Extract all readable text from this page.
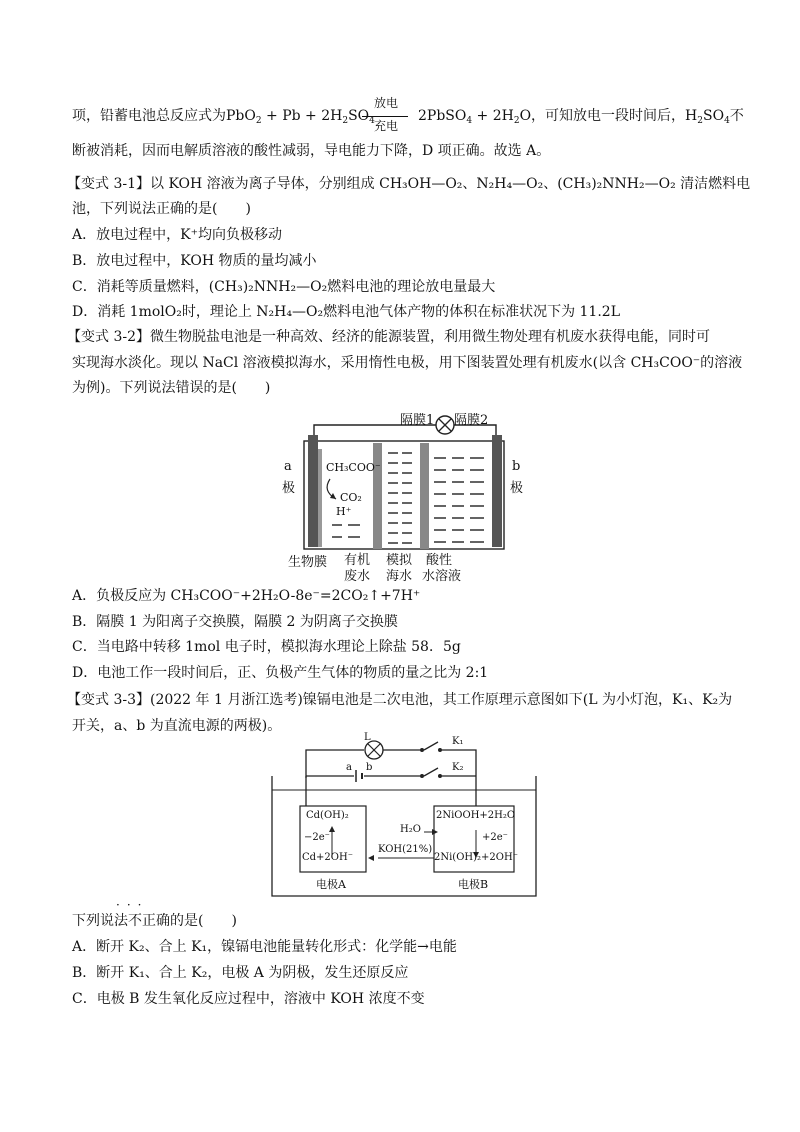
项，铅蓄电池总反应式为$PbO_2 + Pb + 2H_2SO_4$
放电
充电
2PbSO$_4$ + $2H_2O$，可知放电一段时间后，$H_2SO_4$不
断被消耗，因而电解质溶液的酸性减弱，导电能力下降，D 项正确。故选 A。
【变式 3-1】以 KOH 溶液为离子导体，分别组成 CH₃OH—O₂、N₂H₄—O₂、(CH₃)₂NNH₂—O₂ 清洁燃料电
池，下列说法正确的是(　　)
A．放电过程中，K⁺均向负极移动
B．放电过程中，KOH 物质的量均减小
C．消耗等质量燃料，(CH₃)₂NNH₂—O₂燃料电池的理论放电量最大
D．消耗 1molO₂时，理论上 N₂H₄—O₂燃料电池气体产物的体积在标准状况下为 11.2L
【变式 3-2】微生物脱盐电池是一种高效、经济的能源装置，利用微生物处理有机废水获得电能，同时可
实现海水淡化。现以 NaCl 溶液模拟海水，采用惰性电极，用下图装置处理有机废水(以含 CH₃COO⁻的溶液
为例)。下列说法错误的是(　　)
隔膜1 隔膜2
a
极
b
极
CH₃COO⁻
CO₂
H⁺
生物膜 有机
废水
模拟
海水
酸性
水溶液
A．负极反应为 CH₃COO⁻+2H₂O-8e⁻=2CO₂↑+7H⁺
B．隔膜 1 为阳离子交换膜，隔膜 2 为阴离子交换膜
C．当电路中转移 1mol 电子时，模拟海水理论上除盐 58．5g
D．电池工作一段时间后，正、负极产生气体的物质的量之比为 2:1
【变式 3-3】(2022 年 1 月浙江选考)镍镉电池是二次电池，其工作原理示意图如下(L 为小灯泡，K₁、K₂为
开关，a、b 为直流电源的两极)。
L	K₁
K₂
a b
Cd(OH)₂
−2e⁻
Cd+2OH⁻
KOH(21%)
H₂O
2NiOOH+2H₂O
+2e⁻
2Ni(OH)₂+2OH⁻
电极A	电极B
···
下列说法不正确的是(　　)
A．断开 K₂、合上 K₁，镍镉电池能量转化形式：化学能→电能
B．断开 K₁、合上 K₂，电极 A 为阴极，发生还原反应
C．电极 B 发生氧化反应过程中，溶液中 KOH 浓度不变
